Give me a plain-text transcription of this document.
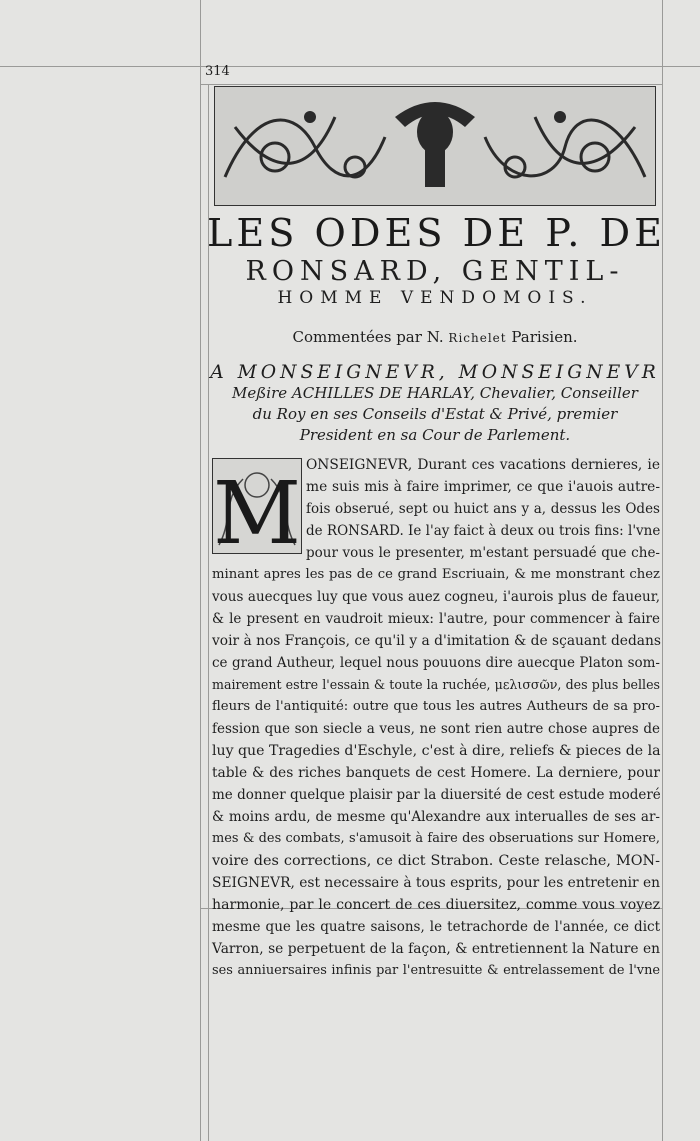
314
LES ODES DE P. DE
RONSARD, GENTIL-
HOMME VENDOMOIS.
Commentées par N. Richelet Parisien.
A MONSEIGNEVR, MONSEIGNEVR
Meßire ACHILLES DE HARLAY, Chevalier, Conseiller
du Roy en ses Conseils d'Estat & Privé, premier
President en sa Cour de Parlement.
M ONSEIGNEVR, Durant ces vacations dernieres, ie
me suis mis à faire imprimer, ce que i'auois autre-
fois obserué, sept ou huict ans y a, dessus les Odes
de RONSARD. Ie l'ay faict à deux ou trois fins: l'vne
pour vous le presenter, m'estant persuadé que che-
minant apres les pas de ce grand Escriuain, & me monstrant chez
vous auecques luy que vous auez cogneu, i'aurois plus de faueur,
& le present en vaudroit mieux: l'autre, pour commencer à faire
voir à nos François, ce qu'il y a d'imitation & de sçauant dedans
ce grand Autheur, lequel nous pouuons dire auecque Platon som-
mairement estre l'essain & toute la ruchée, μελισσῶν, des plus belles
fleurs de l'antiquité: outre que tous les autres Autheurs de sa pro-
fession que son siecle a veus, ne sont rien autre chose aupres de
luy que Tragedies d'Eschyle, c'est à dire, reliefs & pieces de la
table & des riches banquets de cest Homere. La derniere, pour
me donner quelque plaisir par la diuersité de cest estude moderé
& moins ardu, de mesme qu'Alexandre aux interualles de ses ar-
mes & des combats, s'amusoit à faire des obseruations sur Homere,
voire des corrections, ce dict Strabon. Ceste relasche, MON-
SEIGNEVR, est necessaire à tous esprits, pour les entretenir en
harmonie, par le concert de ces diuersitez, comme vous voyez
mesme que les quatre saisons, le tetrachorde de l'année, ce dict
Varron, se perpetuent de la façon, & entretiennent la Nature en
ses anniuersaires infinis par l'entresuitte & entrelassement de l'vne
